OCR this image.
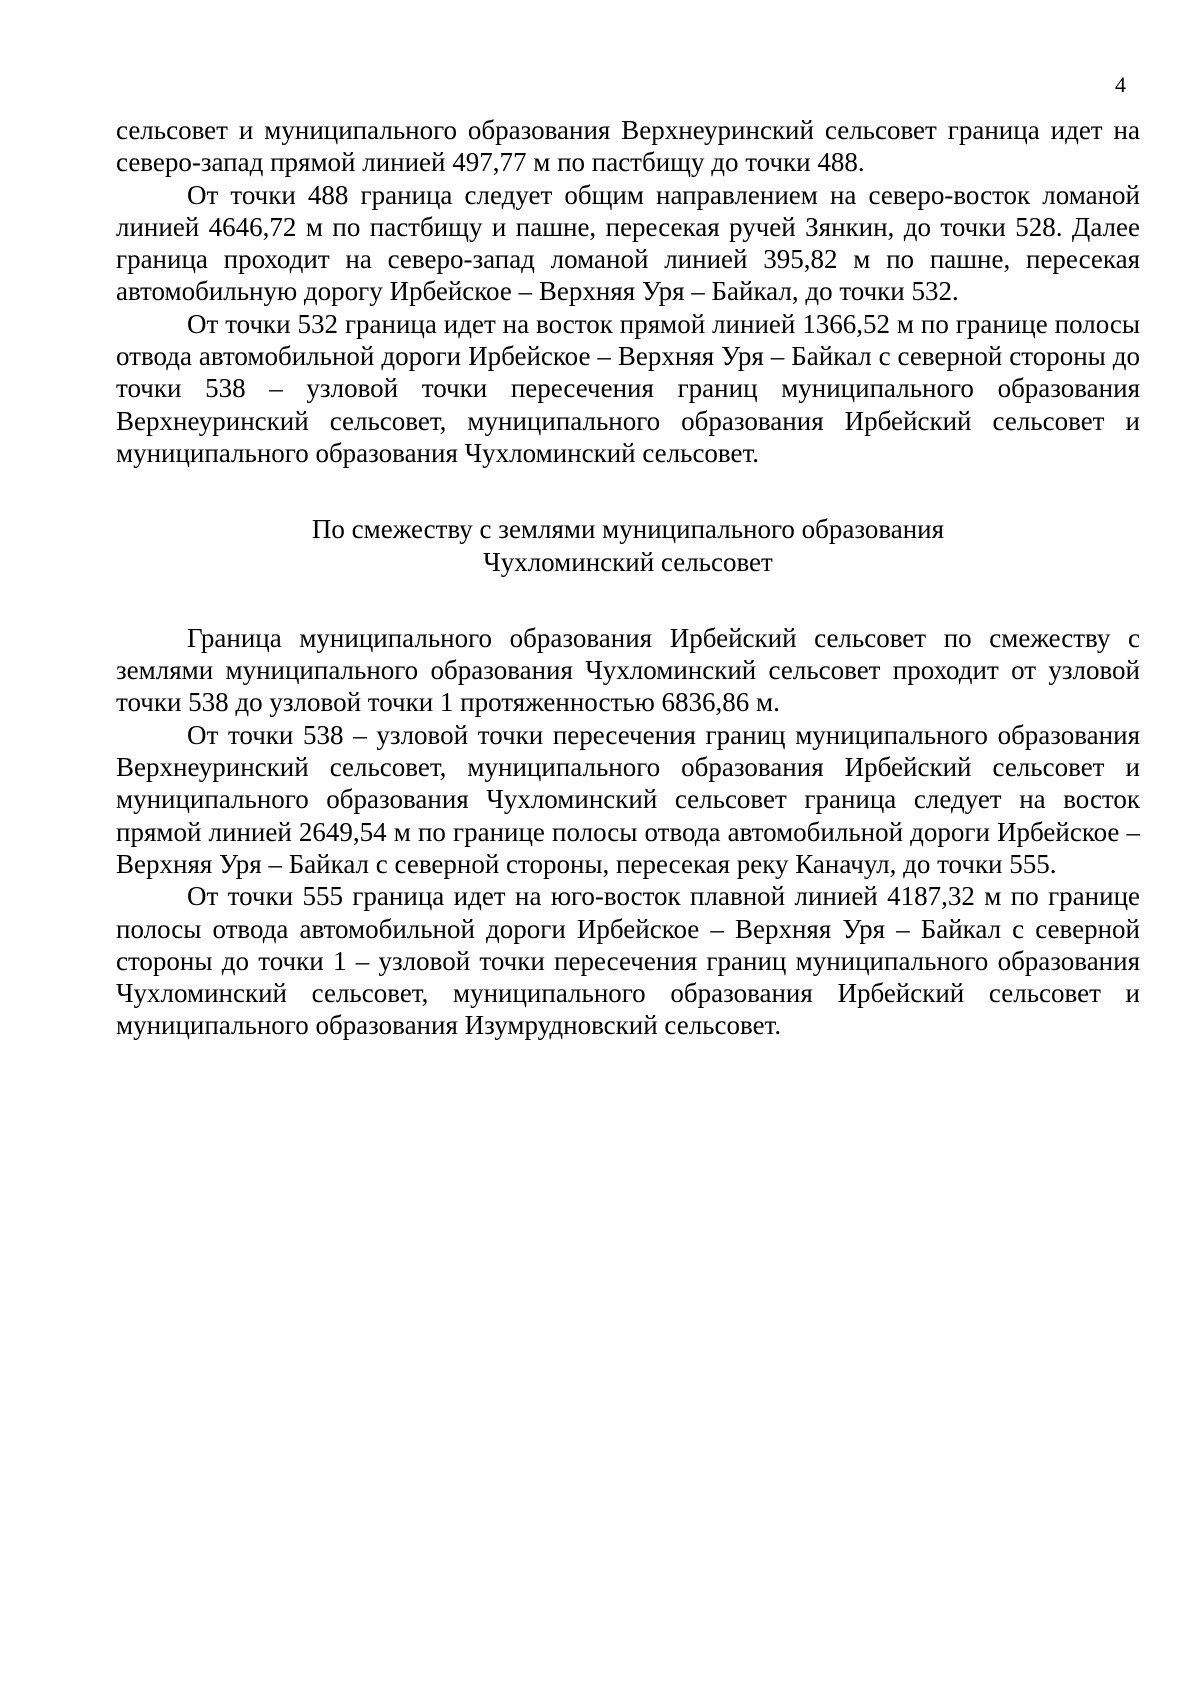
4

сельсовет и муниципального образования Верхнеуринский сельсовет граница идет на северо-запад прямой линией 497,77 м по пастбищу до точки 488.

От точки 488 граница следует общим направлением на северо-восток ломаной линией 4646,72 м по пастбищу и пашне, пересекая ручей Зянкин, до точки 528. Далее граница проходит на северо-запад ломаной линией 395,82 м по пашне, пересекая автомобильную дорогу Ирбейское – Верхняя Уря – Байкал, до точки 532.

От точки 532 граница идет на восток прямой линией 1366,52 м по границе полосы отвода автомобильной дороги Ирбейское – Верхняя Уря – Байкал с северной стороны до точки 538 – узловой точки пересечения границ муниципального образования Верхнеуринский сельсовет, муниципального образования Ирбейский сельсовет и муниципального образования Чухломинский сельсовет.

По смежеству с землями муниципального образования
Чухломинский сельсовет

Граница муниципального образования Ирбейский сельсовет по смежеству с землями муниципального образования Чухломинский сельсовет проходит от узловой точки 538 до узловой точки 1 протяженностью 6836,86 м.

От точки 538 – узловой точки пересечения границ муниципального образования Верхнеуринский сельсовет, муниципального образования Ирбейский сельсовет и муниципального образования Чухломинский сельсовет граница следует на восток прямой линией 2649,54 м по границе полосы отвода автомобильной дороги Ирбейское – Верхняя Уря – Байкал с северной стороны, пересекая реку Каначул, до точки 555.

От точки 555 граница идет на юго-восток плавной линией 4187,32 м по границе полосы отвода автомобильной дороги Ирбейское – Верхняя Уря – Байкал с северной стороны до точки 1 – узловой точки пересечения границ муниципального образования Чухломинский сельсовет, муниципального образования Ирбейский сельсовет и муниципального образования Изумрудновский сельсовет.
